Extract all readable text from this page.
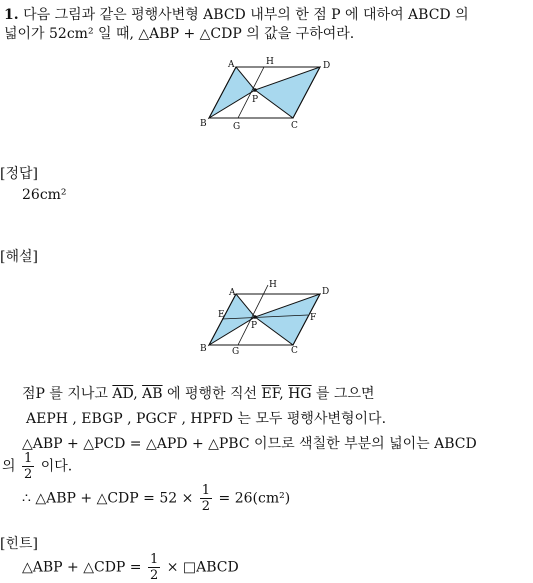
1. 다음 그림과 같은 평행사변형 ABCD 내부의 한 점 P 에 대하여 ABCD 의
넓이가 52cm² 일 때, △ABP + △CDP 의 값을 구하여라.
A	H	D
P
B	G	C
[정답]
26cm²
[해설]
A
H
D
E
P
F
B	G	C
점P 를 지나고 $\overline{AD}$, $\overline{AB}$ 에 평행한 직선 $\overline{EF}$, $\overline{HG}$ 를 그으면
AEPH , EBGP , PGCF , HPFD 는 모두 평행사변형이다.
△ABP + △PCD = △APD + △PBC 이므로 색칠한 부분의 넓이는 ABCD
의 $\frac{1}{2}$ 이다.
∴ △ABP + △CDP = $52 \times \frac{1}{2} = 26(cm^2)$
[힌트]
△ABP + △CDP = $\frac{1}{2}$ × □ABCD
